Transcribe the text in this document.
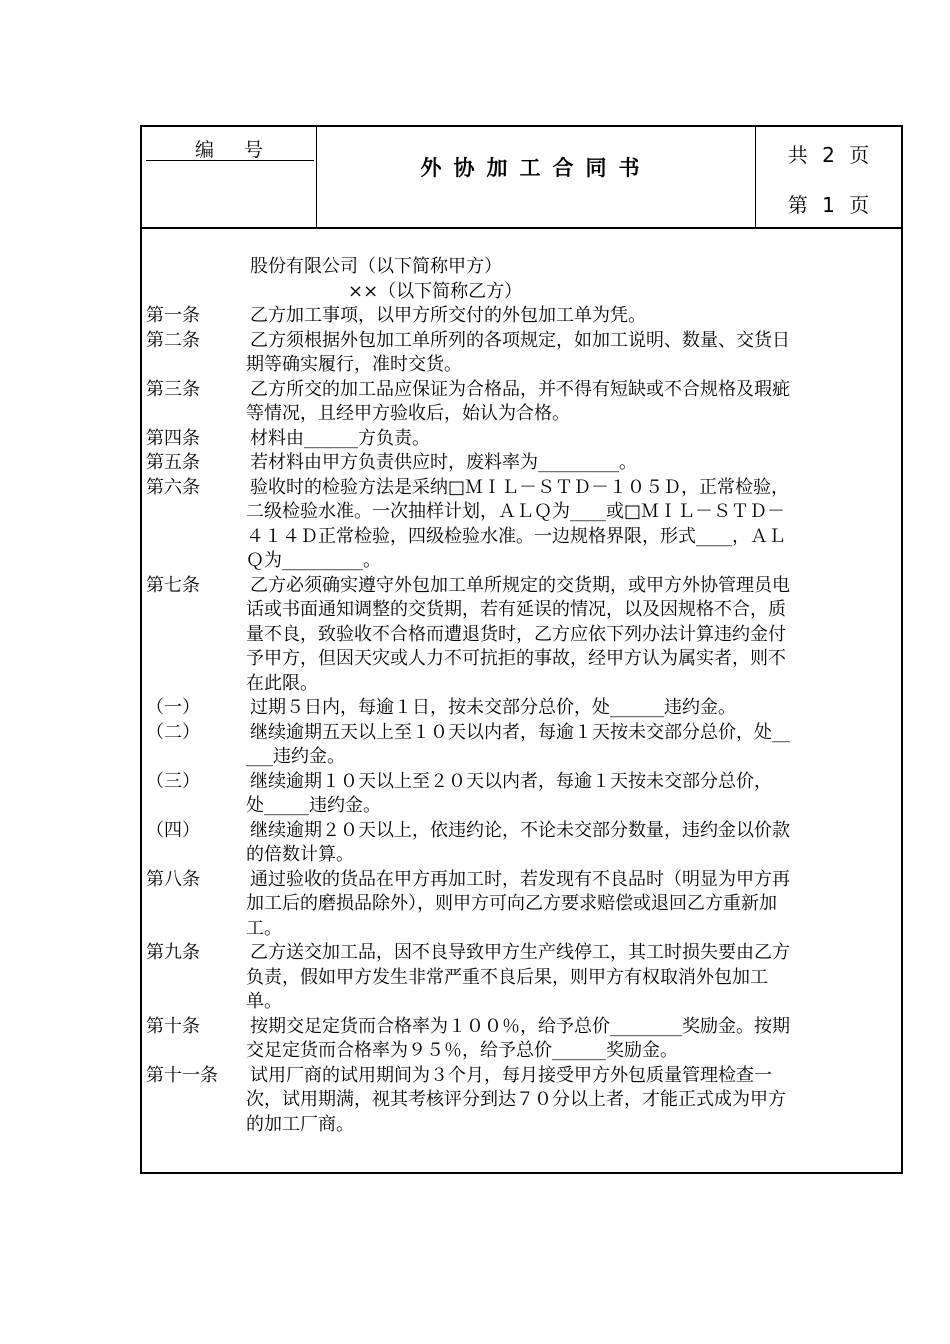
编号
外协加工合同书
共 2 页
第 1 页
股份有限公司（以下简称甲方）
××（以下简称乙方）
第一条	乙方加工事项，以甲方所交付的外包加工单为凭。
第二条	乙方须根据外包加工单所列的各项规定，如加工说明、数量、交货日
期等确实履行，准时交货。
第三条	乙方所交的加工品应保证为合格品，并不得有短缺或不合规格及瑕疵
等情况，且经甲方验收后，始认为合格。
第四条	材料由______方负责。
第五条	若材料由甲方负责供应时，废料率为_________。
第六条	验收时的检验方法是采纳□ＭＩＬ－ＳＴＤ－１０５Ｄ，正常检验，
二级检验水准。一次抽样计划，ＡＬＱ为____或□ＭＩＬ－ＳＴＤ－
４１４Ｄ正常检验，四级检验水准。一边规格界限，形式____，ＡＬ
Ｑ为_________。
第七条	乙方必须确实遵守外包加工单所规定的交货期，或甲方外协管理员电
话或书面通知调整的交货期，若有延误的情况，以及因规格不合，质
量不良，致验收不合格而遭退货时，乙方应依下列办法计算违约金付
予甲方，但因天灾或人力不可抗拒的事故，经甲方认为属实者，则不
在此限。
（一）	过期５日内，每逾１日，按未交部分总价，处______违约金。
（二）	继续逾期五天以上至１０天以内者，每逾１天按未交部分总价，处__
___违约金。
（三）	继续逾期１０天以上至２０天以内者，每逾１天按未交部分总价，
处_____违约金。
（四）	继续逾期２０天以上，依违约论，不论未交部分数量，违约金以价款
的倍数计算。
第八条	通过验收的货品在甲方再加工时，若发现有不良品时（明显为甲方再
加工后的磨损品除外），则甲方可向乙方要求赔偿或退回乙方重新加
工。
第九条	乙方送交加工品，因不良导致甲方生产线停工，其工时损失要由乙方
负责，假如甲方发生非常严重不良后果，则甲方有权取消外包加工
单。
第十条	按期交足定货而合格率为１００％，给予总价________奖励金。按期
交足定货而合格率为９５％，给予总价______奖励金。
第十一条 试用厂商的试用期间为３个月，每月接受甲方外包质量管理检查一
次，试用期满，视其考核评分到达７０分以上者，才能正式成为甲方
的加工厂商。
